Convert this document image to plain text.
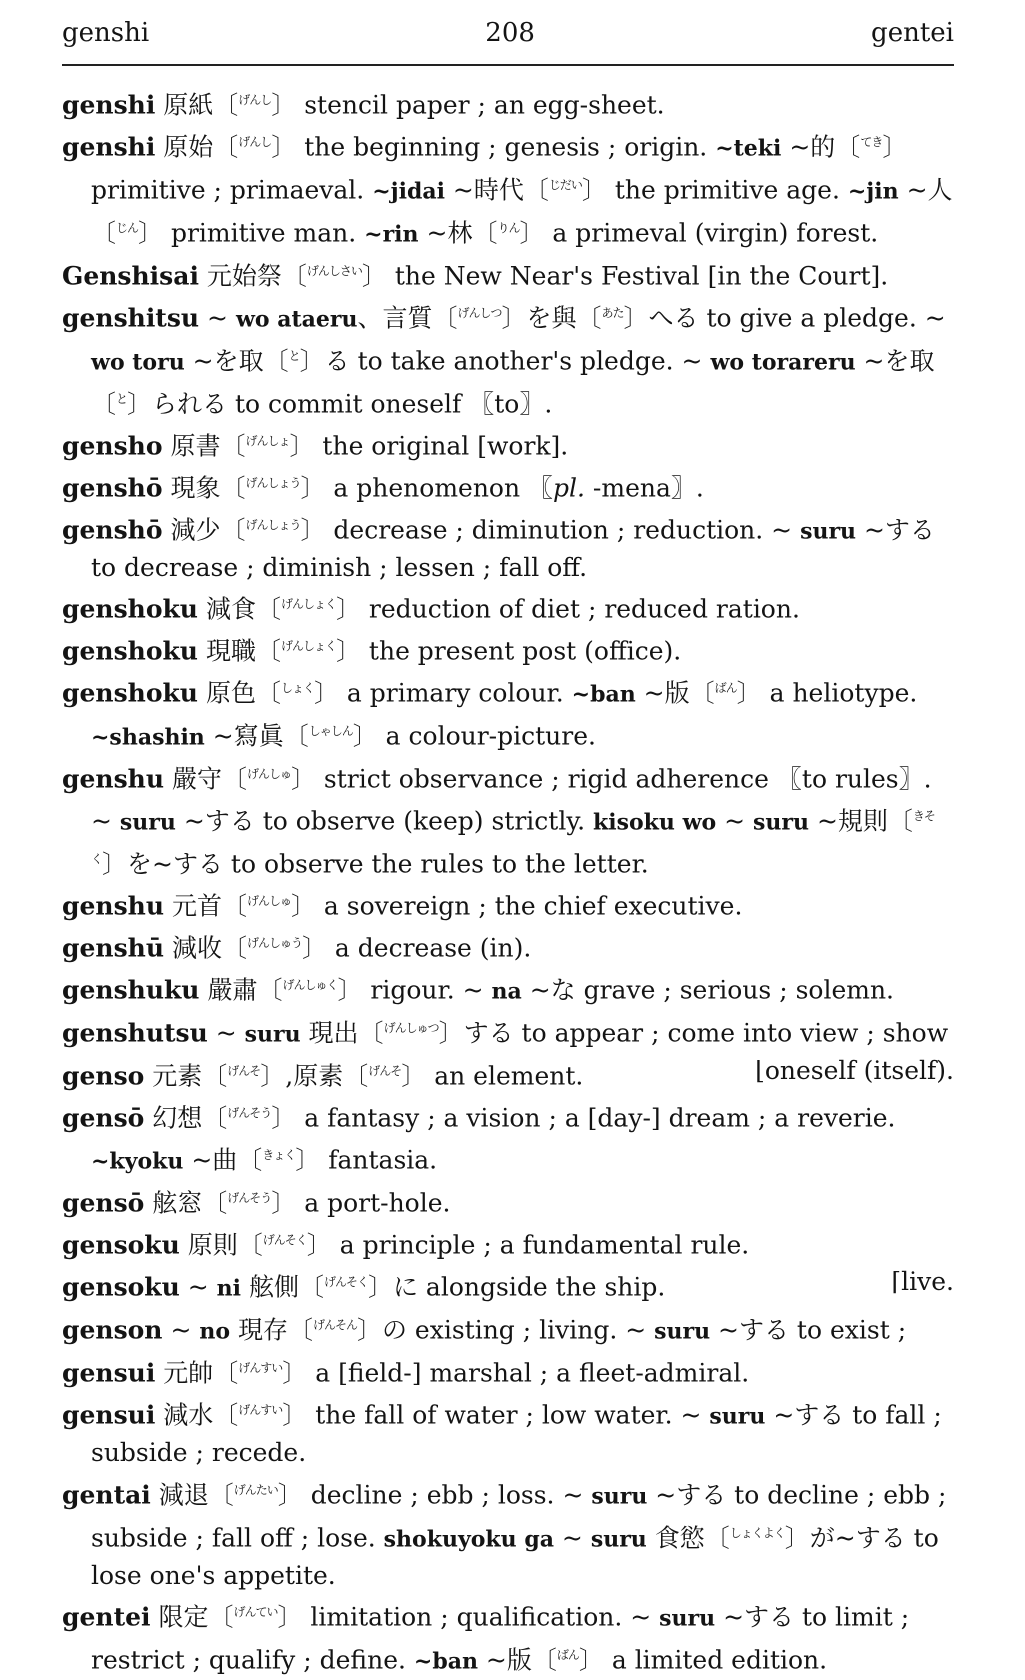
genshi	208	gentei

genshi 原紙〔$^{げんし}$〕 stencil paper ; an egg-sheet.

genshi 原始〔$^{げんし}$〕 the beginning ; genesis ; origin. ~teki ~的〔$^{てき}$〕 primitive ; primaeval. ~jidai ~時代〔$^{じだい}$〕 the primitive age. ~jin ~人〔$^{じん}$〕 primitive man. ~rin ~林〔$^{りん}$〕 a primeval (virgin) forest.

Genshisai 元始祭〔$^{げんしさい}$〕 the New Near's Festival [in the Court].

genshitsu ~ wo ataeru、言質〔$^{げんしつ}$〕を與〔$^{あた}$〕へる to give a pledge. ~ wo toru ~を取〔$^と$〕る to take another's pledge. ~ wo torareru ~を取〔$^と$〕られる to commit oneself 〖to〗.

gensho 原書〔$^{げんしょ}$〕 the original [work].

genshō 現象〔$^{げんしょう}$〕 a phenomenon 〖pl. -mena〗.

genshō 減少〔$^{げんしょう}$〕 decrease ; diminution ; reduction. ~ suru ~する to decrease ; diminish ; lessen ; fall off.

genshoku 減食〔$^{げんしょく}$〕 reduction of diet ; reduced ration.

genshoku 現職〔$^{げんしょく}$〕 the present post (office).

genshoku 原色〔$^{しょく}$〕 a primary colour. ~ban ~版〔$^{ばん}$〕 a heliotype. ~shashin ~寫眞〔$^{しゃしん}$〕 a colour-picture.

genshu 嚴守〔$^{げんしゅ}$〕 strict observance ; rigid adherence 〖to rules〗. ~ suru ~する to observe (keep) strictly. kisoku wo ~ suru ~規則〔$^{きそく}$〕を~する to observe the rules to the letter.

genshu 元首〔$^{げんしゅ}$〕 a sovereign ; the chief executive.

genshū 減收〔$^{げんしゅう}$〕 a decrease (in).

genshuku 嚴肅〔$^{げんしゅく}$〕 rigour. ~ na ~な grave ; serious ; solemn.

genshutsu ~ suru 現出〔$^{げんしゅつ}$〕する to appear ; come into view ; show

genso 元素〔$^{げんそ}$〕,原素〔$^{げんそ}$〕 an element.	⌊oneself (itself).

gensō 幻想〔$^{げんそう}$〕 a fantasy ; a vision ; a [day-] dream ; a reverie. ~kyoku ~曲〔$^{きょく}$〕 fantasia.

gensō 舷窓〔$^{げんそう}$〕 a port-hole.

gensoku 原則〔$^{げんそく}$〕 a principle ; a fundamental rule.

gensoku ~ ni 舷側〔$^{げんそく}$〕に alongside the ship.	⌈live.

genson ~ no 現存〔$^{げんそん}$〕の existing ; living. ~ suru ~する to exist ;

gensui 元帥〔$^{げんすい}$〕 a [field-] marshal ; a fleet-admiral.

gensui 減水〔$^{げんすい}$〕 the fall of water ; low water. ~ suru ~する to fall ; subside ; recede.

gentai 減退〔$^{げんたい}$〕 decline ; ebb ; loss. ~ suru ~する to decline ; ebb ; subside ; fall off ; lose. shokuyoku ga ~ suru 食慾〔$^{しょくよく}$〕が~する to lose one's appetite.

gentei 限定〔$^{げんてい}$〕 limitation ; qualification. ~ suru ~する to limit ; restrict ; qualify ; define. ~ban ~版〔$^{ばん}$〕 a limited edition.
